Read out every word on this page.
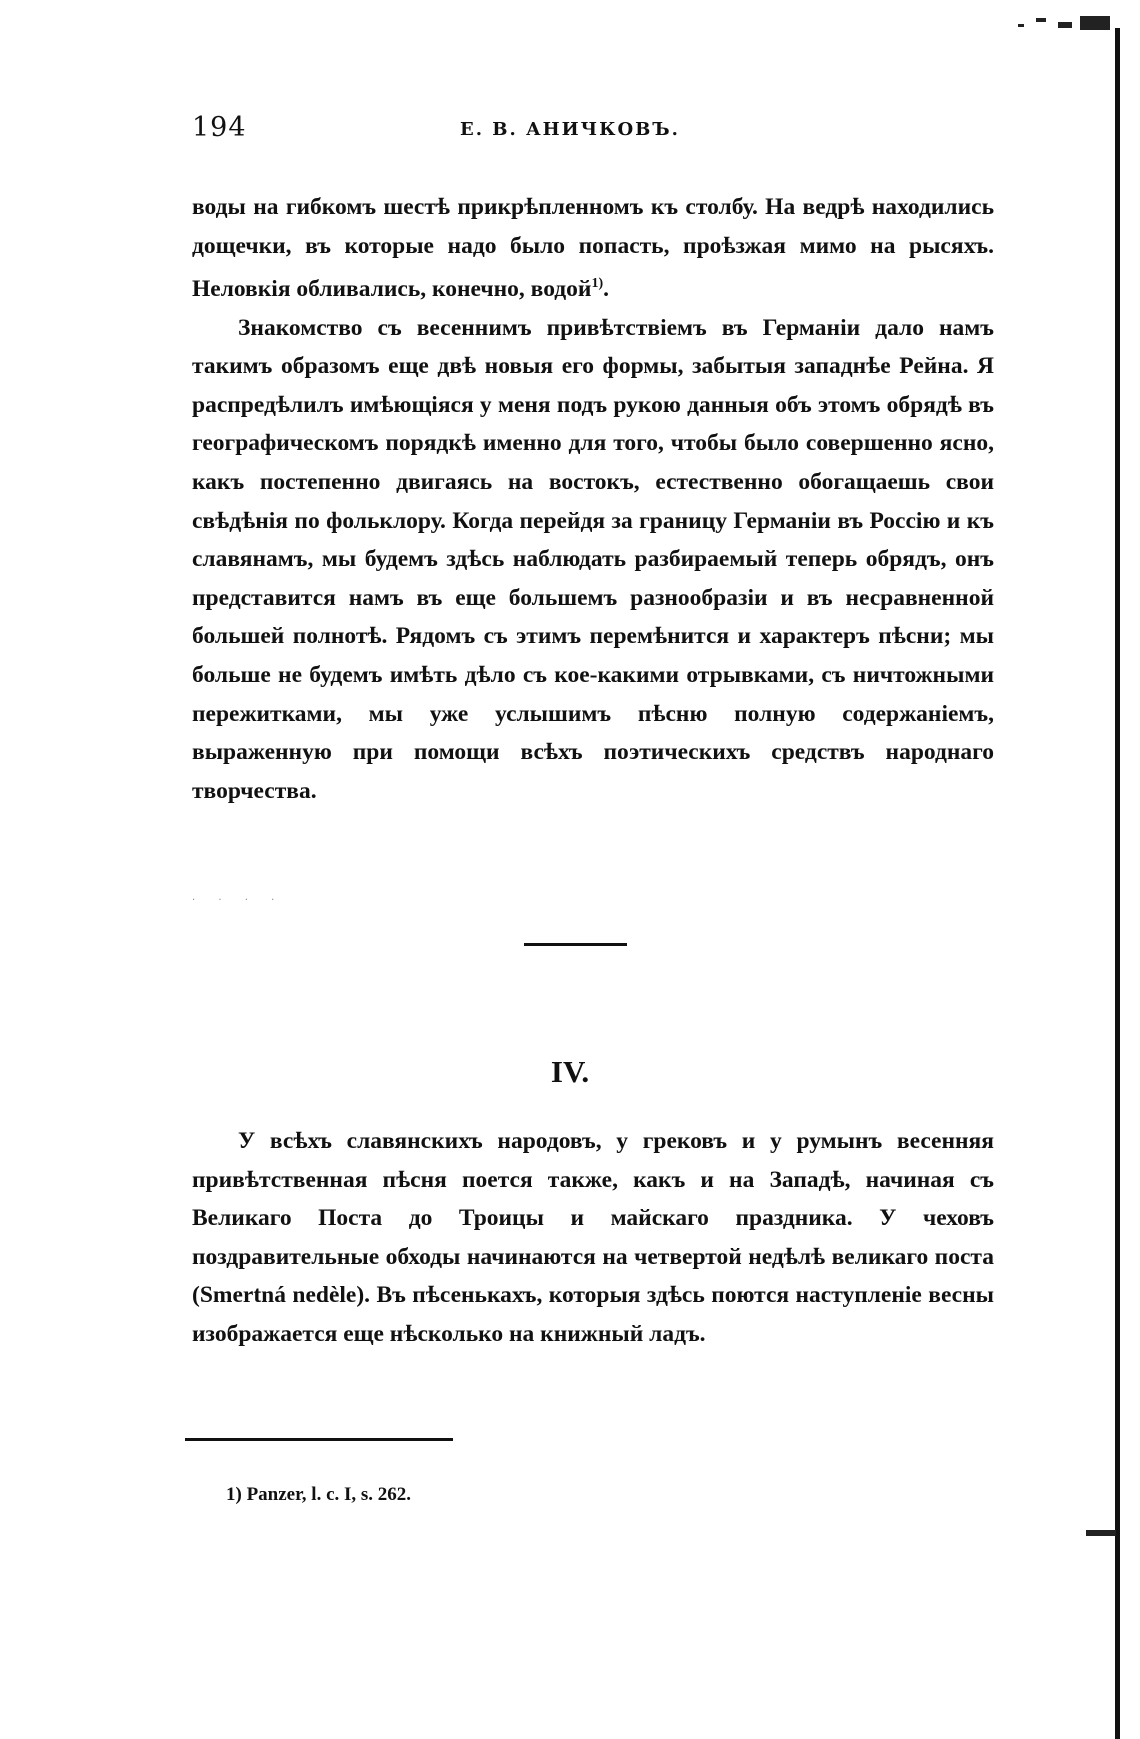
194	Е. В. АНИЧКОВЪ.

воды на гибкомъ шестѣ прикрѣпленномъ къ столбу. На ведрѣ находились дощечки, въ которые надо было попасть, проѣзжая мимо на рысяхъ. Неловкія обливались, конечно, водой$^{1)}$.

Знакомство съ весеннимъ привѣтствіемъ въ Германіи дало намъ такимъ образомъ еще двѣ новыя его формы, забытыя западнѣе Рейна. Я распредѣлилъ имѣющіяся у меня подъ рукою данныя объ этомъ обрядѣ въ географическомъ порядкѣ именно для того, чтобы было совершенно ясно, какъ постепенно двигаясь на востокъ, естественно обогащаешь свои свѣдѣнія по фольклору. Когда перейдя за границу Германіи въ Россію и къ славянамъ, мы будемъ здѣсь наблюдать разбираемый теперь обрядъ, онъ представится намъ въ еще большемъ разнообразіи и въ несравненной большей полнотѣ. Рядомъ съ этимъ перемѣнится и характеръ пѣсни; мы больше не будемъ имѣть дѣло съ кое-какими отрывками, съ ничтожными пережитками, мы уже услышимъ пѣсню полную содержаніемъ, выраженную при помощи всѣхъ поэтическихъ средствъ народнаго творчества.

· · · ·
IV.

У всѣхъ славянскихъ народовъ, у грековъ и у румынъ весенняя привѣтственная пѣсня поется также, какъ и на Западѣ, начиная съ Великаго Поста до Троицы и майскаго праздника. У чеховъ поздравительные обходы начинаются на четвертой недѣлѣ великаго поста (Smertná nedèle). Въ пѣсенькахъ, которыя здѣсь поются наступленіе весны изображается еще нѣсколько на книжный ладъ.

1) Panzer, l. c. I, s. 262.
